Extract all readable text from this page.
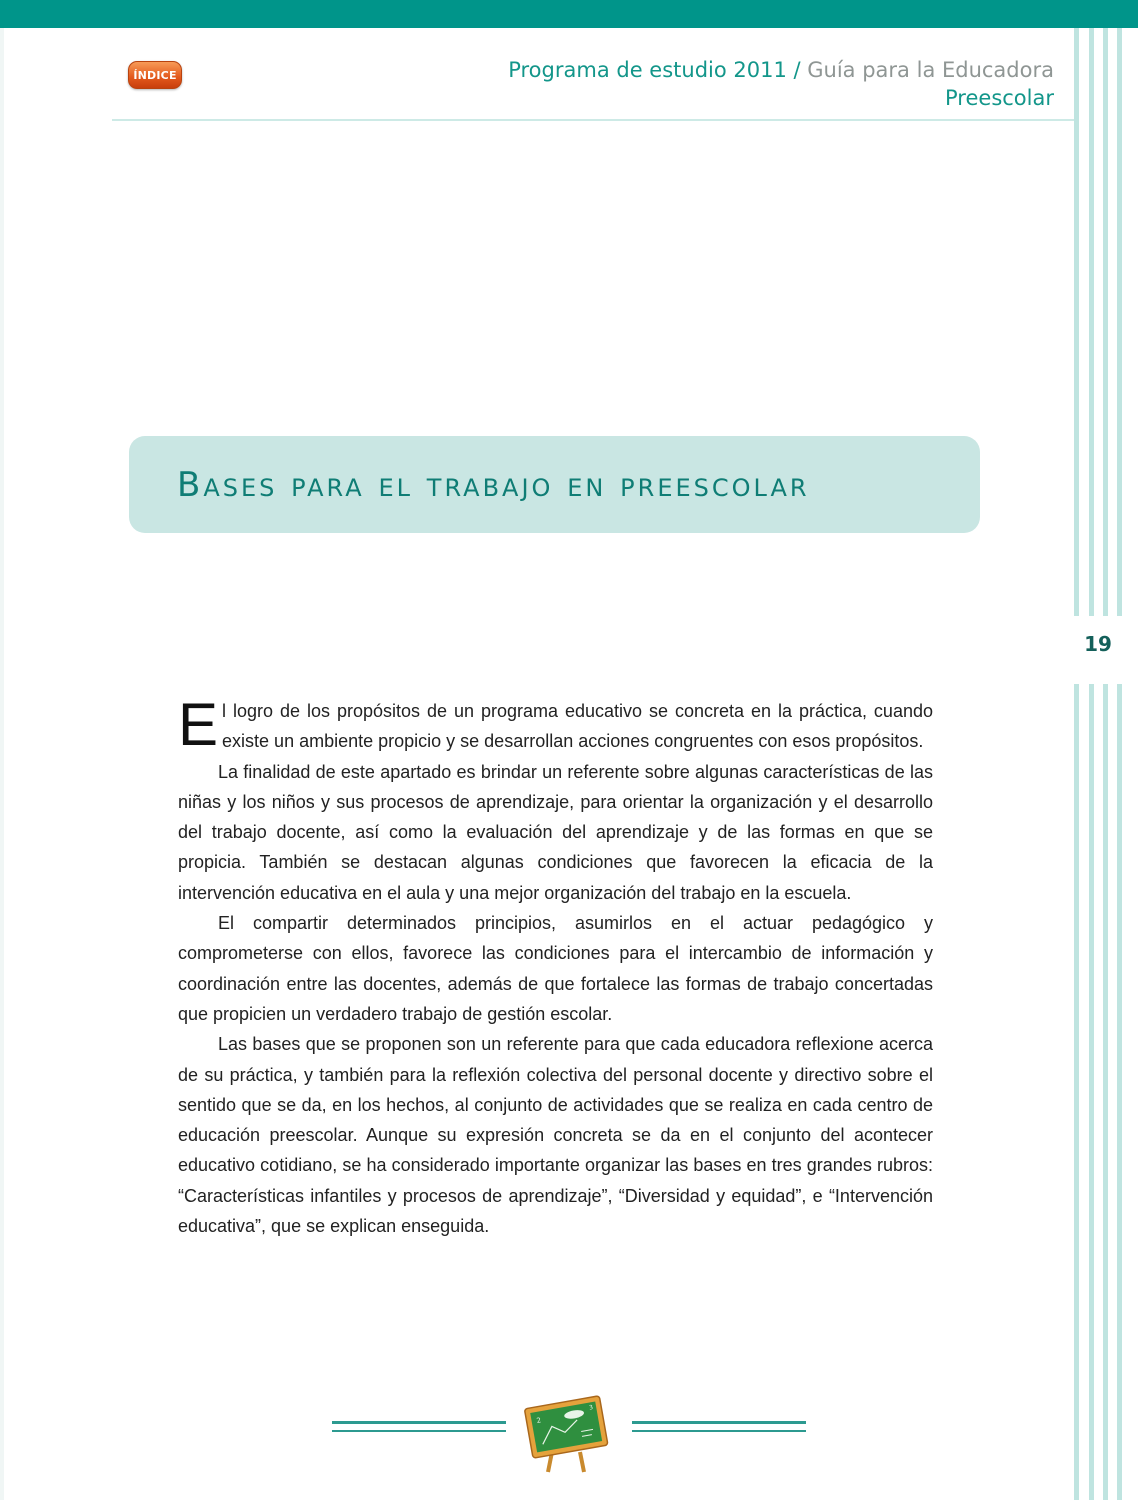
19
ÍNDICE	Programa de estudio 2011 / Guía para la Educadora
Preescolar
Bases para el trabajo en preescolar

El logro de los propósitos de un programa educativo se concreta en la práctica, cuando existe un ambiente propicio y se desarrollan acciones congruentes con esos propósitos.

La finalidad de este apartado es brindar un referente sobre algunas características de las niñas y los niños y sus procesos de aprendizaje, para orientar la organización y el desarrollo del trabajo docente, así como la evaluación del aprendizaje y de las formas en que se propicia. También se destacan algunas condiciones que favorecen la eficacia de la intervención educativa en el aula y una mejor organización del trabajo en la escuela.

El compartir determinados principios, asumirlos en el actuar pedagógico y comprometerse con ellos, favorece las condiciones para el intercambio de información y coordinación entre las docentes, además de que fortalece las formas de trabajo concertadas que propicien un verdadero trabajo de gestión escolar.

Las bases que se proponen son un referente para que cada educadora reflexione acerca de su práctica, y también para la reflexión colectiva del personal docente y directivo sobre el sentido que se da, en los hechos, al conjunto de actividades que se realiza en cada centro de educación preescolar. Aunque su expresión concreta se da en el conjunto del acontecer educativo cotidiano, se ha considerado importante organizar las bases en tres grandes rubros: “Características infantiles y procesos de aprendizaje”, “Diversidad y equidad”, e “Intervención educativa”, que se explican enseguida.

2
3
